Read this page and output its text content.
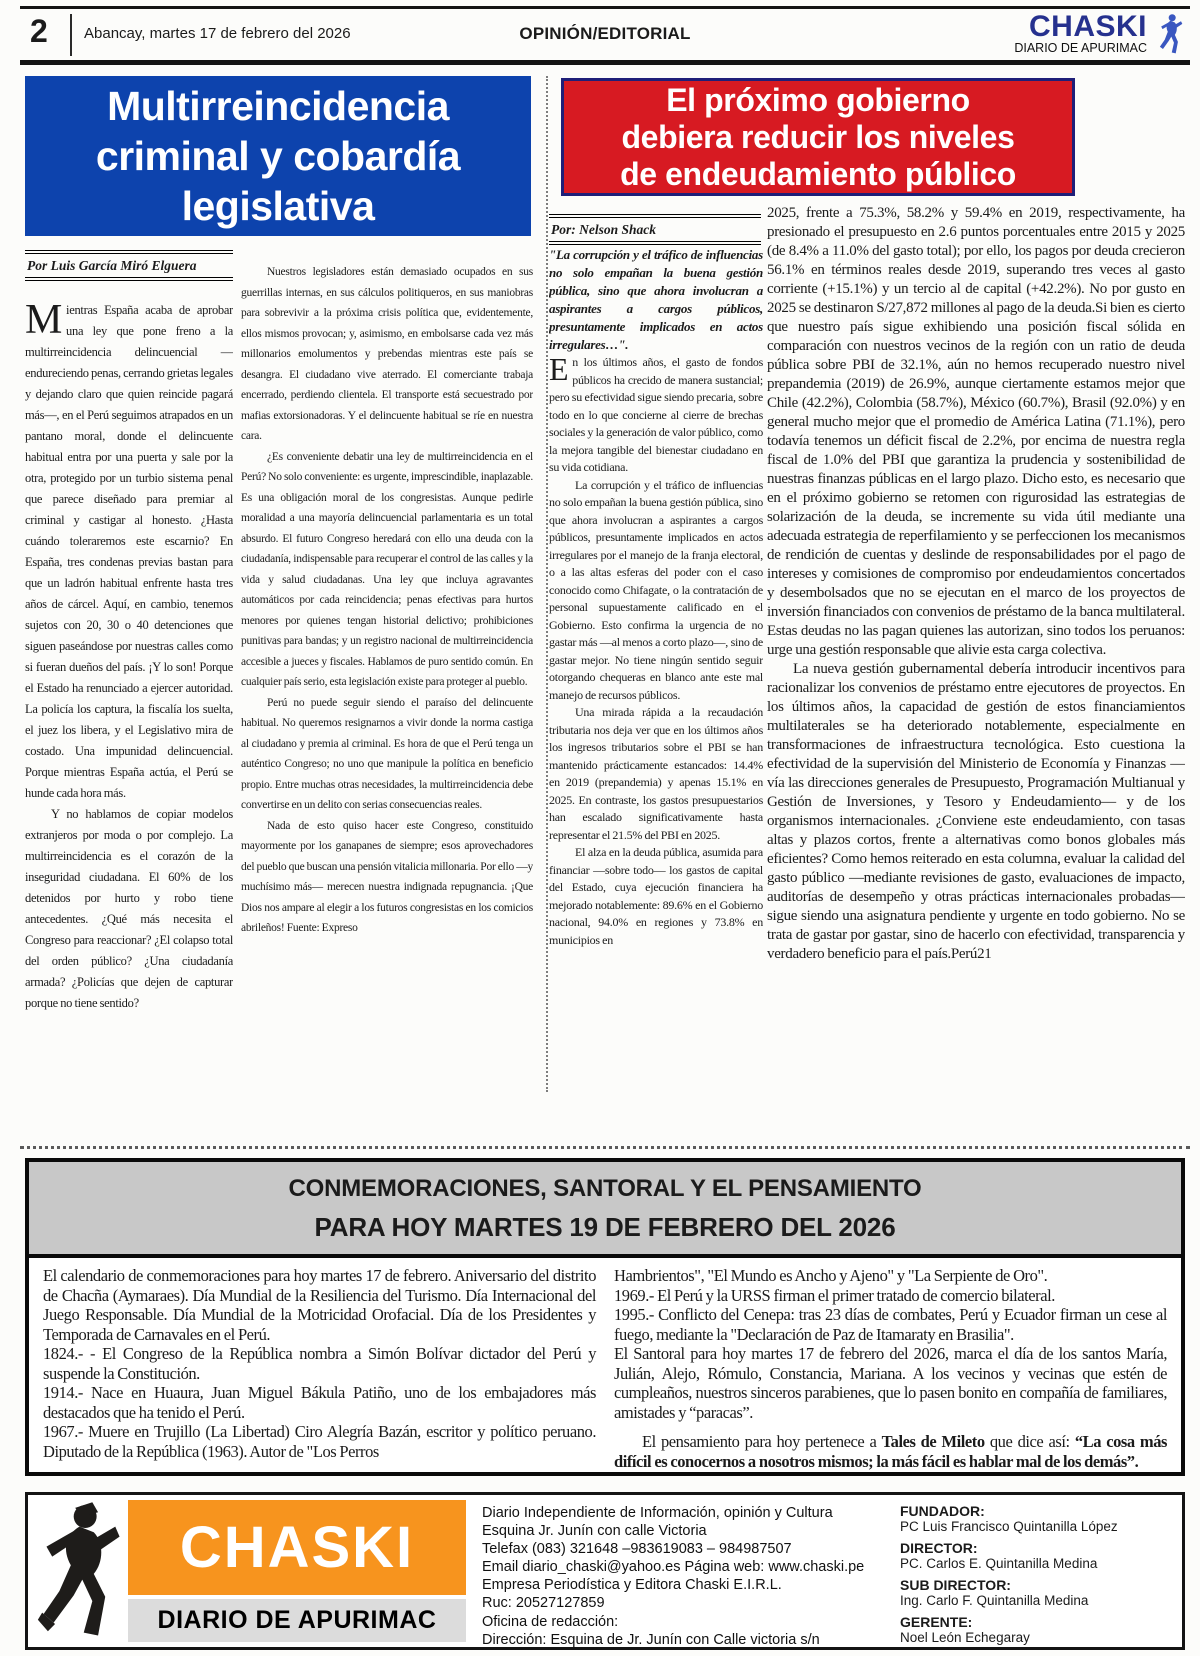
2 Abancay, martes 17 de febrero del 2026	OPINIÓN/EDITORIAL	CHASKI
DIARIO DE APURIMAC
Multirreincidencia
criminal y cobardía
legislativa
Por Luis García Miró Elguera

Mientras España acaba de aprobar una ley que pone freno a la multirreincidencia delincuencial —endureciendo penas, cerrando grietas legales y dejando claro que quien reincide pagará más—, en el Perú seguimos atrapados en un pantano moral, donde el delincuente habitual entra por una puerta y sale por la otra, protegido por un turbio sistema penal que parece diseñado para premiar al criminal y castigar al honesto. ¿Hasta cuándo toleraremos este escarnio? En España, tres condenas previas bastan para que un ladrón habitual enfrente hasta tres años de cárcel. Aquí, en cambio, tenemos sujetos con 20, 30 o 40 detenciones que siguen paseándose por nuestras calles como si fueran dueños del país. ¡Y lo son! Porque el Estado ha renunciado a ejercer autoridad. La policía los captura, la fiscalía los suelta, el juez los libera, y el Legislativo mira de costado. Una impunidad delincuencial. Porque mientras España actúa, el Perú se hunde cada hora más.

Y no hablamos de copiar modelos extranjeros por moda o por complejo. La multirreincidencia es el corazón de la inseguridad ciudadana. El 60% de los detenidos por hurto y robo tiene antecedentes. ¿Qué más necesita el Congreso para reaccionar? ¿El colapso total del orden público? ¿Una ciudadanía armada? ¿Policías que dejen de capturar porque no tiene sentido?

Nuestros legisladores están demasiado ocupados en sus guerrillas internas, en sus cálculos politiqueros, en sus maniobras para sobrevivir a la próxima crisis política que, evidentemente, ellos mismos provocan; y, asimismo, en embolsarse cada vez más millonarios emolumentos y prebendas mientras este país se desangra. El ciudadano vive aterrado. El comerciante trabaja encerrado, perdiendo clientela. El transporte está secuestrado por mafias extorsionadoras. Y el delincuente habitual se ríe en nuestra cara.

¿Es conveniente debatir una ley de multirreincidencia en el Perú? No solo conveniente: es urgente, imprescindible, inaplazable. Es una obligación moral de los congresistas. Aunque pedirle moralidad a una mayoría delincuencial parlamentaria es un total absurdo. El futuro Congreso heredará con ello una deuda con la ciudadanía, indispensable para recuperar el control de las calles y la vida y salud ciudadanas. Una ley que incluya agravantes automáticos por cada reincidencia; penas efectivas para hurtos menores por quienes tengan historial delictivo; prohibiciones punitivas para bandas; y un registro nacional de multirreincidencia accesible a jueces y fiscales. Hablamos de puro sentido común. En cualquier país serio, esta legislación existe para proteger al pueblo.

Perú no puede seguir siendo el paraíso del delincuente habitual. No queremos resignarnos a vivir donde la norma castiga al ciudadano y premia al criminal. Es hora de que el Perú tenga un auténtico Congreso; no uno que manipule la política en beneficio propio. Entre muchas otras necesidades, la multirreincidencia debe convertirse en un delito con serias consecuencias reales.

Nada de esto quiso hacer este Congreso, constituido mayormente por los ganapanes de siempre; esos aprovechadores del pueblo que buscan una pensión vitalicia millonaria. Por ello —y muchísimo más— merecen nuestra indignada repugnancia. ¡Que Dios nos ampare al elegir a los futuros congresistas en los comicios abrileños! Fuente: Expreso

El próximo gobierno
debiera reducir los niveles
de endeudamiento público
Por: Nelson Shack

"La corrupción y el tráfico de influencias no solo empañan la buena gestión pública, sino que ahora involucran a aspirantes a cargos públicos, presuntamente implicados en actos irregulares…".

En los últimos años, el gasto de fondos públicos ha crecido de manera sustancial; pero su efectividad sigue siendo precaria, sobre todo en lo que concierne al cierre de brechas sociales y la generación de valor público, como la mejora tangible del bienestar ciudadano en su vida cotidiana.

La corrupción y el tráfico de influencias no solo empañan la buena gestión pública, sino que ahora involucran a aspirantes a cargos públicos, presuntamente implicados en actos irregulares por el manejo de la franja electoral, o a las altas esferas del poder con el caso conocido como Chifagate, o la contratación de personal supuestamente calificado en el Gobierno. Esto confirma la urgencia de no gastar más —al menos a corto plazo—, sino de gastar mejor. No tiene ningún sentido seguir otorgando chequeras en blanco ante este mal manejo de recursos públicos.

Una mirada rápida a la recaudación tributaria nos deja ver que en los últimos años los ingresos tributarios sobre el PBI se han mantenido prácticamente estancados: 14.4% en 2019 (prepandemia) y apenas 15.1% en 2025. En contraste, los gastos presupuestarios han escalado significativamente hasta representar el 21.5% del PBI en 2025.

El alza en la deuda pública, asumida para financiar —sobre todo— los gastos de capital del Estado, cuya ejecución financiera ha mejorado notablemente: 89.6% en el Gobierno nacional, 94.0% en regiones y 73.8% en municipios en

2025, frente a 75.3%, 58.2% y 59.4% en 2019, respectivamente, ha presionado el presupuesto en 2.6 puntos porcentuales entre 2015 y 2025 (de 8.4% a 11.0% del gasto total); por ello, los pagos por deuda crecieron 56.1% en términos reales desde 2019, superando tres veces al gasto corriente (+15.1%) y un tercio al de capital (+42.2%). No por gusto en 2025 se destinaron S/27,872 millones al pago de la deuda.Si bien es cierto que nuestro país sigue exhibiendo una posición fiscal sólida en comparación con nuestros vecinos de la región con un ratio de deuda pública sobre PBI de 32.1%, aún no hemos recuperado nuestro nivel prepandemia (2019) de 26.9%, aunque ciertamente estamos mejor que Chile (42.2%), Colombia (58.7%), México (60.7%), Brasil (92.0%) y en general mucho mejor que el promedio de América Latina (71.1%), pero todavía tenemos un déficit fiscal de 2.2%, por encima de nuestra regla fiscal de 1.0% del PBI que garantiza la prudencia y sostenibilidad de nuestras finanzas públicas en el largo plazo. Dicho esto, es necesario que en el próximo gobierno se retomen con rigurosidad las estrategias de solarización de la deuda, se incremente su vida útil mediante una adecuada estrategia de reperfilamiento y se perfeccionen los mecanismos de rendición de cuentas y deslinde de responsabilidades por el pago de intereses y comisiones de compromiso por endeudamientos concertados y desembolsados que no se ejecutan en el marco de los proyectos de inversión financiados con convenios de préstamo de la banca multilateral. Estas deudas no las pagan quienes las autorizan, sino todos los peruanos: urge una gestión responsable que alivie esta carga colectiva.

La nueva gestión gubernamental debería introducir incentivos para racionalizar los convenios de préstamo entre ejecutores de proyectos. En los últimos años, la capacidad de gestión de estos financiamientos multilaterales se ha deteriorado notablemente, especialmente en transformaciones de infraestructura tecnológica. Esto cuestiona la efectividad de la supervisión del Ministerio de Economía y Finanzas —vía las direcciones generales de Presupuesto, Programación Multianual y Gestión de Inversiones, y Tesoro y Endeudamiento— y de los organismos internacionales. ¿Conviene este endeudamiento, con tasas altas y plazos cortos, frente a alternativas como bonos globales más eficientes? Como hemos reiterado en esta columna, evaluar la calidad del gasto público —mediante revisiones de gasto, evaluaciones de impacto, auditorías de desempeño y otras prácticas internacionales probadas— sigue siendo una asignatura pendiente y urgente en todo gobierno. No se trata de gastar por gastar, sino de hacerlo con efectividad, transparencia y verdadero beneficio para el país.Perú21

CONMEMORACIONES, SANTORAL Y EL PENSAMIENTO
PARA HOY MARTES 19 DE FEBRERO DEL 2026

El calendario de conmemoraciones para hoy martes 17 de febrero. Aniversario del distrito de Chacña (Aymaraes). Día Mundial de la Resiliencia del Turismo. Día Internacional del Juego Responsable. Día Mundial de la Motricidad Orofacial. Día de los Presidentes y Temporada de Carnavales en el Perú.

1824.- - El Congreso de la República nombra a Simón Bolívar dictador del Perú y suspende la Constitución.

1914.- Nace en Huaura, Juan Miguel Bákula Patiño, uno de los embajadores más destacados que ha tenido el Perú.

1967.- Muere en Trujillo (La Libertad) Ciro Alegría Bazán, escritor y político peruano. Diputado de la República (1963). Autor de "Los Perros

Hambrientos", "El Mundo es Ancho y Ajeno" y "La Serpiente de Oro".

1969.- El Perú y la URSS firman el primer tratado de comercio bilateral.

1995.- Conflicto del Cenepa: tras 23 días de combates, Perú y Ecuador firman un cese al fuego, mediante la "Declaración de Paz de Itamaraty en Brasilia".

El Santoral para hoy martes 17 de febrero del 2026, marca el día de los santos María, Julián, Alejo, Rómulo, Constancia, Mariana. A los vecinos y vecinas que estén de cumpleaños, nuestros sinceros parabienes, que lo pasen bonito en compañía de familiares, amistades y “paracas”.

El pensamiento para hoy pertenece a Tales de Mileto que dice así: “La cosa más difícil es conocernos a nosotros mismos; la más fácil es hablar mal de los demás”.

CHASKI
DIARIO DE APURIMAC
Diario Independiente de Información, opinión y Cultura
Esquina Jr. Junín con calle Victoria
Telefax (083) 321648 –983619083 – 984987507
Email diario_chaski@yahoo.es Página web: www.chaski.pe
Empresa Periodística y Editora Chaski E.I.R.L.
Ruc: 20527127859
Oficina de redacción:
Dirección: Esquina de Jr. Junín con Calle victoria s/n
FUNDADOR:
PC Luis Francisco Quintanilla López
DIRECTOR:
PC. Carlos E. Quintanilla Medina
SUB DIRECTOR:
Ing. Carlo F. Quintanilla Medina
GERENTE:
Noel León Echegaray
